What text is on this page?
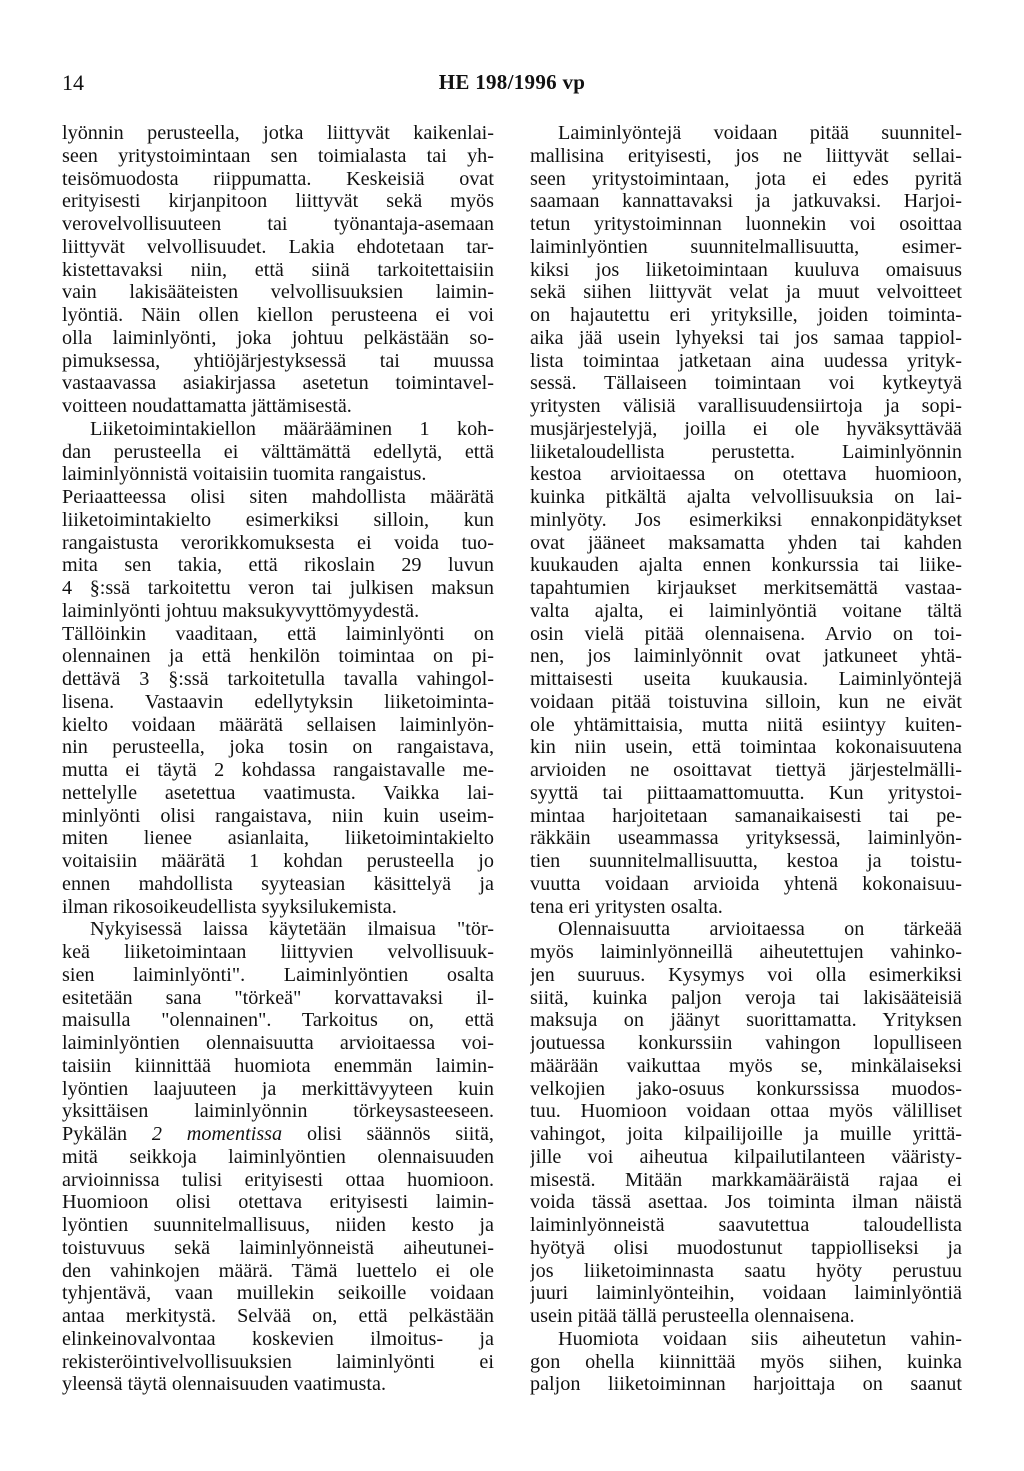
14	HE 198/1996 vp
lyönnin perusteella, jotka liittyvät kaikenlai-
seen yritystoimintaan sen toimialasta tai yh-
teisömuodosta riippumatta. Keskeisiä ovat
erityisesti kirjanpitoon liittyvät sekä myös
verovelvollisuuteen tai työnantaja-asemaan
liittyvät velvollisuudet. Lakia ehdotetaan tar-
kistettavaksi niin, että siinä tarkoitettaisiin
vain lakisääteisten velvollisuuksien laimin-
lyöntiä. Näin ollen kiellon perusteena ei voi
olla laiminlyönti, joka johtuu pelkästään so-
pimuksessa, yhtiöjärjestyksessä tai muussa
vastaavassa asiakirjassa asetetun toimintavel-
voitteen noudattamatta jättämisestä.
Liiketoimintakiellon määrääminen 1 koh-
dan perusteella ei välttämättä edellytä, että
laiminlyönnistä voitaisiin tuomita rangaistus.
Periaatteessa olisi siten mahdollista määrätä
liiketoimintakielto esimerkiksi silloin, kun
rangaistusta verorikkomuksesta ei voida tuo-
mita sen takia, että rikoslain 29 luvun
4 §:ssä tarkoitettu veron tai julkisen maksun
laiminlyönti johtuu maksukyvyttömyydestä.
Tällöinkin vaaditaan, että laiminlyönti on
olennainen ja että henkilön toimintaa on pi-
dettävä 3 §:ssä tarkoitetulla tavalla vahingol-
lisena. Vastaavin edellytyksin liiketoiminta-
kielto voidaan määrätä sellaisen laiminlyön-
nin perusteella, joka tosin on rangaistava,
mutta ei täytä 2 kohdassa rangaistavalle me-
nettelylle asetettua vaatimusta. Vaikka lai-
minlyönti olisi rangaistava, niin kuin useim-
miten lienee asianlaita, liiketoimintakielto
voitaisiin määrätä 1 kohdan perusteella jo
ennen mahdollista syyteasian käsittelyä ja
ilman rikosoikeudellista syyksilukemista.
Nykyisessä laissa käytetään ilmaisua "tör-
keä liiketoimintaan liittyvien velvollisuuk-
sien laiminlyönti". Laiminlyöntien osalta
esitetään sana "törkeä" korvattavaksi il-
maisulla "olennainen". Tarkoitus on, että
laiminlyöntien olennaisuutta arvioitaessa voi-
taisiin kiinnittää huomiota enemmän laimin-
lyöntien laajuuteen ja merkittävyyteen kuin
yksittäisen laiminlyönnin törkeysasteeseen.
Pykälän 2 momentissa olisi säännös siitä,
mitä seikkoja laiminlyöntien olennaisuuden
arvioinnissa tulisi erityisesti ottaa huomioon.
Huomioon olisi otettava erityisesti laimin-
lyöntien suunnitelmallisuus, niiden kesto ja
toistuvuus sekä laiminlyönneistä aiheutunei-
den vahinkojen määrä. Tämä luettelo ei ole
tyhjentävä, vaan muillekin seikoille voidaan
antaa merkitystä. Selvää on, että pelkästään
elinkeinovalvontaa koskevien ilmoitus- ja
rekisteröintivelvollisuuksien laiminlyönti ei
yleensä täytä olennaisuuden vaatimusta.
Laiminlyöntejä voidaan pitää suunnitel-
mallisina erityisesti, jos ne liittyvät sellai-
seen yritystoimintaan, jota ei edes pyritä
saamaan kannattavaksi ja jatkuvaksi. Harjoi-
tetun yritystoiminnan luonnekin voi osoittaa
laiminlyöntien suunnitelmallisuutta, esimer-
kiksi jos liiketoimintaan kuuluva omaisuus
sekä siihen liittyvät velat ja muut velvoitteet
on hajautettu eri yrityksille, joiden toiminta-
aika jää usein lyhyeksi tai jos samaa tappiol-
lista toimintaa jatketaan aina uudessa yrityk-
sessä. Tällaiseen toimintaan voi kytkeytyä
yritysten välisiä varallisuudensiirtoja ja sopi-
musjärjestelyjä, joilla ei ole hyväksyttävää
liiketaloudellista perustetta. Laiminlyönnin
kestoa arvioitaessa on otettava huomioon,
kuinka pitkältä ajalta velvollisuuksia on lai-
minlyöty. Jos esimerkiksi ennakonpidätykset
ovat jääneet maksamatta yhden tai kahden
kuukauden ajalta ennen konkurssia tai liike-
tapahtumien kirjaukset merkitsemättä vastaa-
valta ajalta, ei laiminlyöntiä voitane tältä
osin vielä pitää olennaisena. Arvio on toi-
nen, jos laiminlyönnit ovat jatkuneet yhtä-
mittaisesti useita kuukausia. Laiminlyöntejä
voidaan pitää toistuvina silloin, kun ne eivät
ole yhtämittaisia, mutta niitä esiintyy kuiten-
kin niin usein, että toimintaa kokonaisuutena
arvioiden ne osoittavat tiettyä järjestelmälli-
syyttä tai piittaamattomuutta. Kun yritystoi-
mintaa harjoitetaan samanaikaisesti tai pe-
räkkäin useammassa yrityksessä, laiminlyön-
tien suunnitelmallisuutta, kestoa ja toistu-
vuutta voidaan arvioida yhtenä kokonaisuu-
tena eri yritysten osalta.
Olennaisuutta arvioitaessa on tärkeää
myös laiminlyönneillä aiheutettujen vahinko-
jen suuruus. Kysymys voi olla esimerkiksi
siitä, kuinka paljon veroja tai lakisääteisiä
maksuja on jäänyt suorittamatta. Yrityksen
joutuessa konkurssiin vahingon lopulliseen
määrään vaikuttaa myös se, minkälaiseksi
velkojien jako-osuus konkurssissa muodos-
tuu. Huomioon voidaan ottaa myös välilliset
vahingot, joita kilpailijoille ja muille yrittä-
jille voi aiheutua kilpailutilanteen vääristy-
misestä. Mitään markkamääräistä rajaa ei
voida tässä asettaa. Jos toiminta ilman näistä
laiminlyönneistä saavutettua taloudellista
hyötyä olisi muodostunut tappiolliseksi ja
jos liiketoiminnasta saatu hyöty perustuu
juuri laiminlyönteihin, voidaan laiminlyöntiä
usein pitää tällä perusteella olennaisena.
Huomiota voidaan siis aiheutetun vahin-
gon ohella kiinnittää myös siihen, kuinka
paljon liiketoiminnan harjoittaja on saanut
